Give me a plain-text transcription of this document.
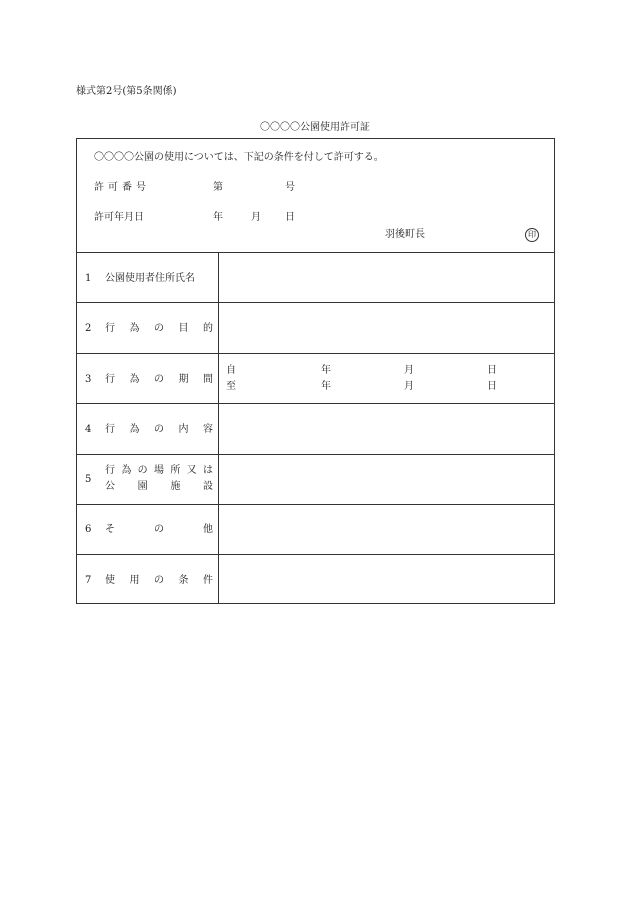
様式第2号(第5条関係)
〇〇〇〇公園使用許可証
〇〇〇〇公園の使用については、下記の条件を付して許可する。
許可番号	第	号
許可年月日	年	月 日
羽後町長	印
1 公園使用者住所氏名
2 行 為 の 目 的
3 行 為 の 期 間
自	年	月	日
至	年	月	日
4 行 為 の 内 容
5
行 為 の 場 所 又 は
公 園 施 設
6 そ	の	他
7 使 用 の 条 件
